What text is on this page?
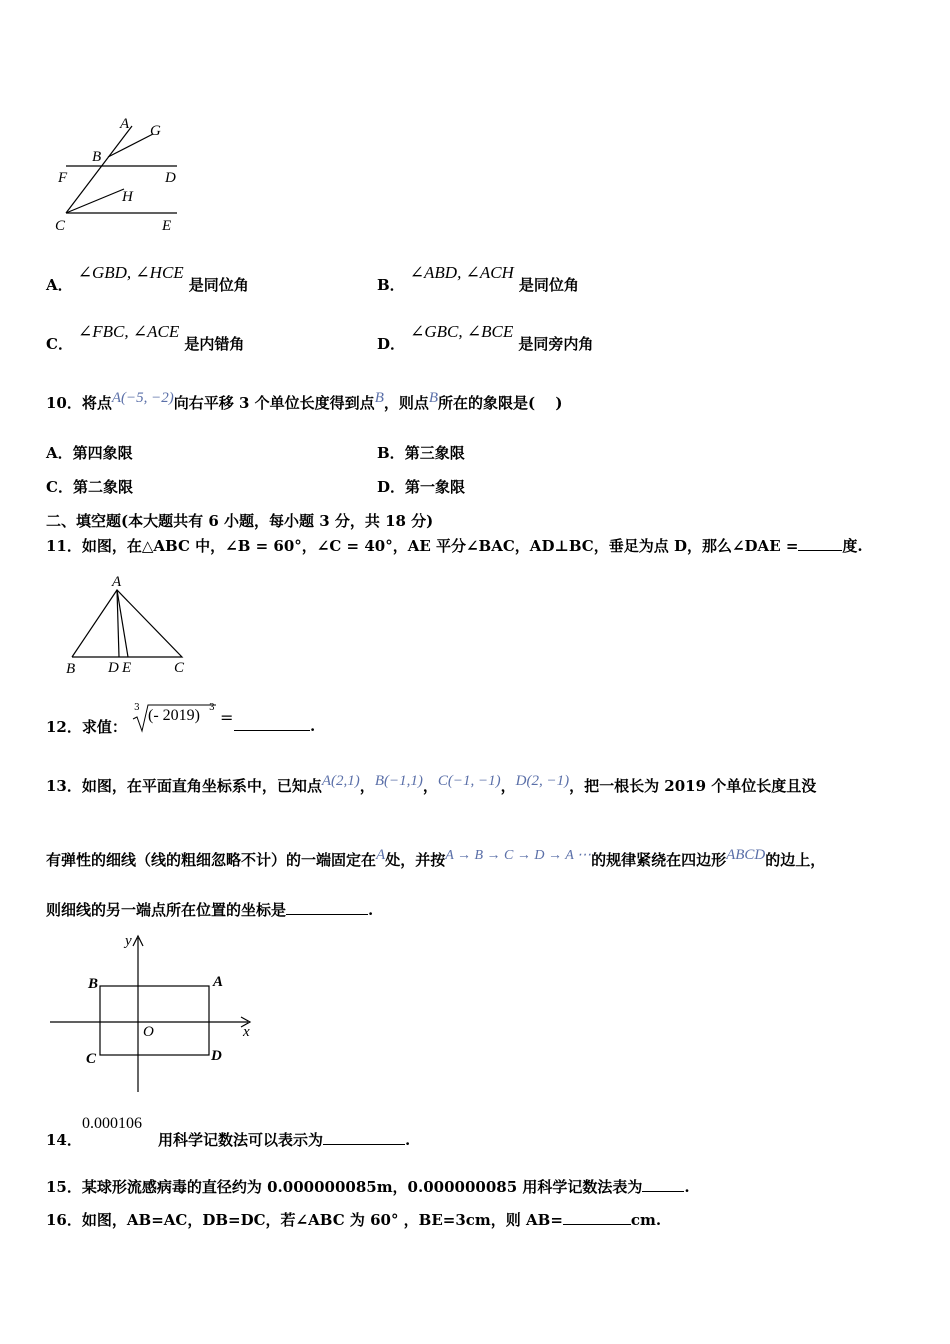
A G
B
F	D
H
C	E
A． ∠GBD, ∠HCE 是同位角	B． ∠ABD, ∠ACH 是同位角
C． ∠FBC, ∠ACE 是内错角	D． ∠GBC, ∠BCE 是同旁内角
10．将点A(−5, −2)向右平移 3 个单位长度得到点B，则点B所在的象限是(　 )
A．第四象限	B．第三象限
C．第二象限	D．第一象限
二、填空题(本大题共有 6 小题，每小题 3 分，共 18 分)
11．如图，在△ABC 中，∠B = 60°，∠C = 40°，AE 平分∠BAC，AD⊥BC，垂足为点 D，那么∠DAE =	度.
A
B D E	C
12．求值：
3 (- 2019) 3 =	.
13．如图，在平面直角坐标系中，已知点A(2,1)，B(−1,1)，C(−1, −1)，D(2, −1)，把一根长为 2019 个单位长度且没
有弹性的细线（线的粗细忽略不计）的一端固定在A处，并按A → B → C → D → A ⋯的规律紧绕在四边形ABCD的边上，
则细线的另一端点所在位置的坐标是	.
y
x
O
B	A
C	D
14．
0.000106
用科学记数法可以表示为	.
15．某球形流感病毒的直径约为 0.000000085m，0.000000085 用科学记数法表为	.
16．如图，AB=AC，DB=DC，若∠ABC 为 60° ，BE=3cm，则 AB=	cm.
